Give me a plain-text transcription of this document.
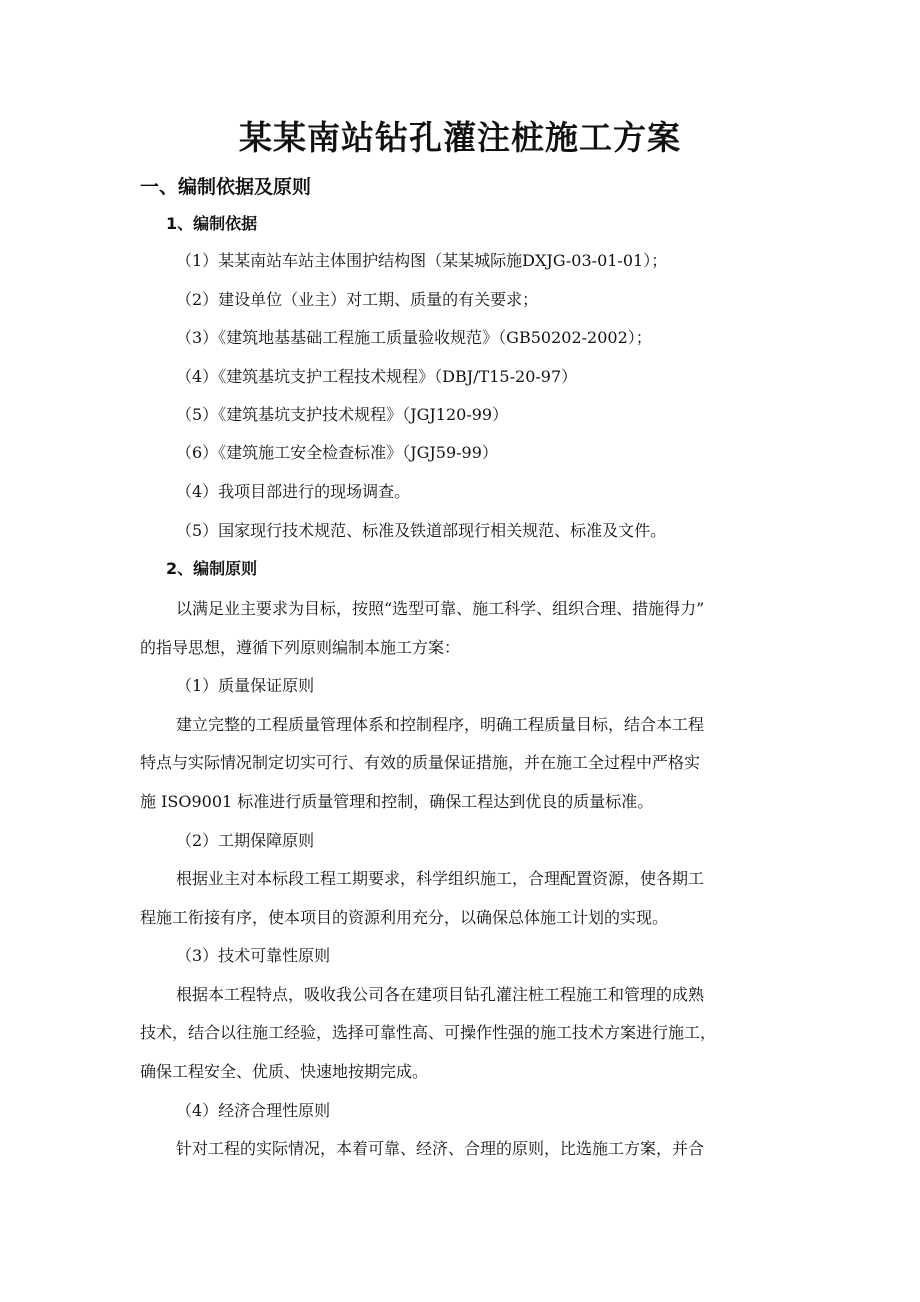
某某南站钻孔灌注桩施工方案
一、编制依据及原则
1、编制依据
（1）某某南站车站主体围护结构图（某某城际施DXJG-03-01-01）；
（2）建设单位（业主）对工期、质量的有关要求；
（3）《建筑地基基础工程施工质量验收规范》（GB50202-2002）；
（4）《建筑基坑支护工程技术规程》（DBJ/T15-20-97）
（5）《建筑基坑支护技术规程》（JGJ120-99）
（6）《建筑施工安全检查标准》（JGJ59-99）
（4）我项目部进行的现场调查。
（5）国家现行技术规范、标准及铁道部现行相关规范、标准及文件。
2、编制原则
以满足业主要求为目标，按照“选型可靠、施工科学、组织合理、措施得力”
的指导思想，遵循下列原则编制本施工方案：
（1）质量保证原则
建立完整的工程质量管理体系和控制程序，明确工程质量目标，结合本工程
特点与实际情况制定切实可行、有效的质量保证措施，并在施工全过程中严格实
施 ISO9001 标准进行质量管理和控制，确保工程达到优良的质量标准。
（2）工期保障原则
根据业主对本标段工程工期要求，科学组织施工，合理配置资源，使各期工
程施工衔接有序，使本项目的资源利用充分，以确保总体施工计划的实现。
（3）技术可靠性原则
根据本工程特点，吸收我公司各在建项目钻孔灌注桩工程施工和管理的成熟
技术，结合以往施工经验，选择可靠性高、可操作性强的施工技术方案进行施工，
确保工程安全、优质、快速地按期完成。
（4）经济合理性原则
针对工程的实际情况，本着可靠、经济、合理的原则，比选施工方案，并合
